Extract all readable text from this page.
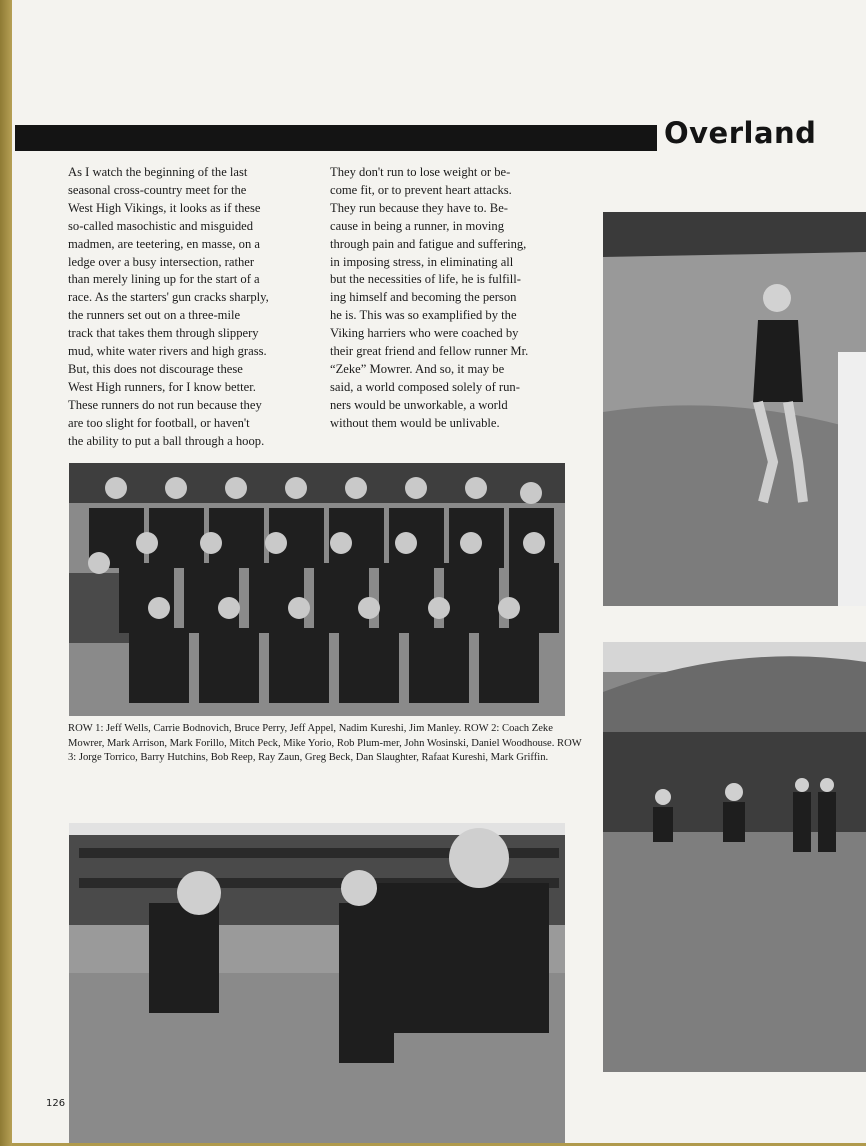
Overland
As I watch the beginning of the last
seasonal cross-country meet for the
West High Vikings, it looks as if these
so-called masochistic and misguided
madmen, are teetering, en masse, on a
ledge over a busy intersection, rather
than merely lining up for the start of a
race. As the starters' gun cracks sharply,
the runners set out on a three-mile
track that takes them through slippery
mud, white water rivers and high grass.
But, this does not discourage these
West High runners, for I know better.
These runners do not run because they
are too slight for football, or haven't
the ability to put a ball through a hoop.
They don't run to lose weight or be-
come fit, or to prevent heart attacks.
They run because they have to. Be-
cause in being a runner, in moving
through pain and fatigue and suffering,
in imposing stress, in eliminating all
but the necessities of life, he is fulfill-
ing himself and becoming the person
he is. This was so examplified by the
Viking harriers who were coached by
their great friend and fellow runner Mr.
“Zeke” Mowrer. And so, it may be
said, a world composed solely of run-
ners would be unworkable, a world
without them would be unlivable.
ROW 1: Jeff Wells, Carrie Bodnovich, Bruce Perry, Jeff Appel, Nadim Kureshi, Jim Manley. ROW 2: Coach Zeke Mowrer, Mark Arrison, Mark Forillo, Mitch Peck, Mike Yorio, Rob Plum-mer, John Wosinski, Daniel Woodhouse. ROW 3: Jorge Torrico, Barry Hutchins, Bob Reep, Ray Zaun, Greg Beck, Dan Slaughter, Rafaat Kureshi, Mark Griffin.
126
